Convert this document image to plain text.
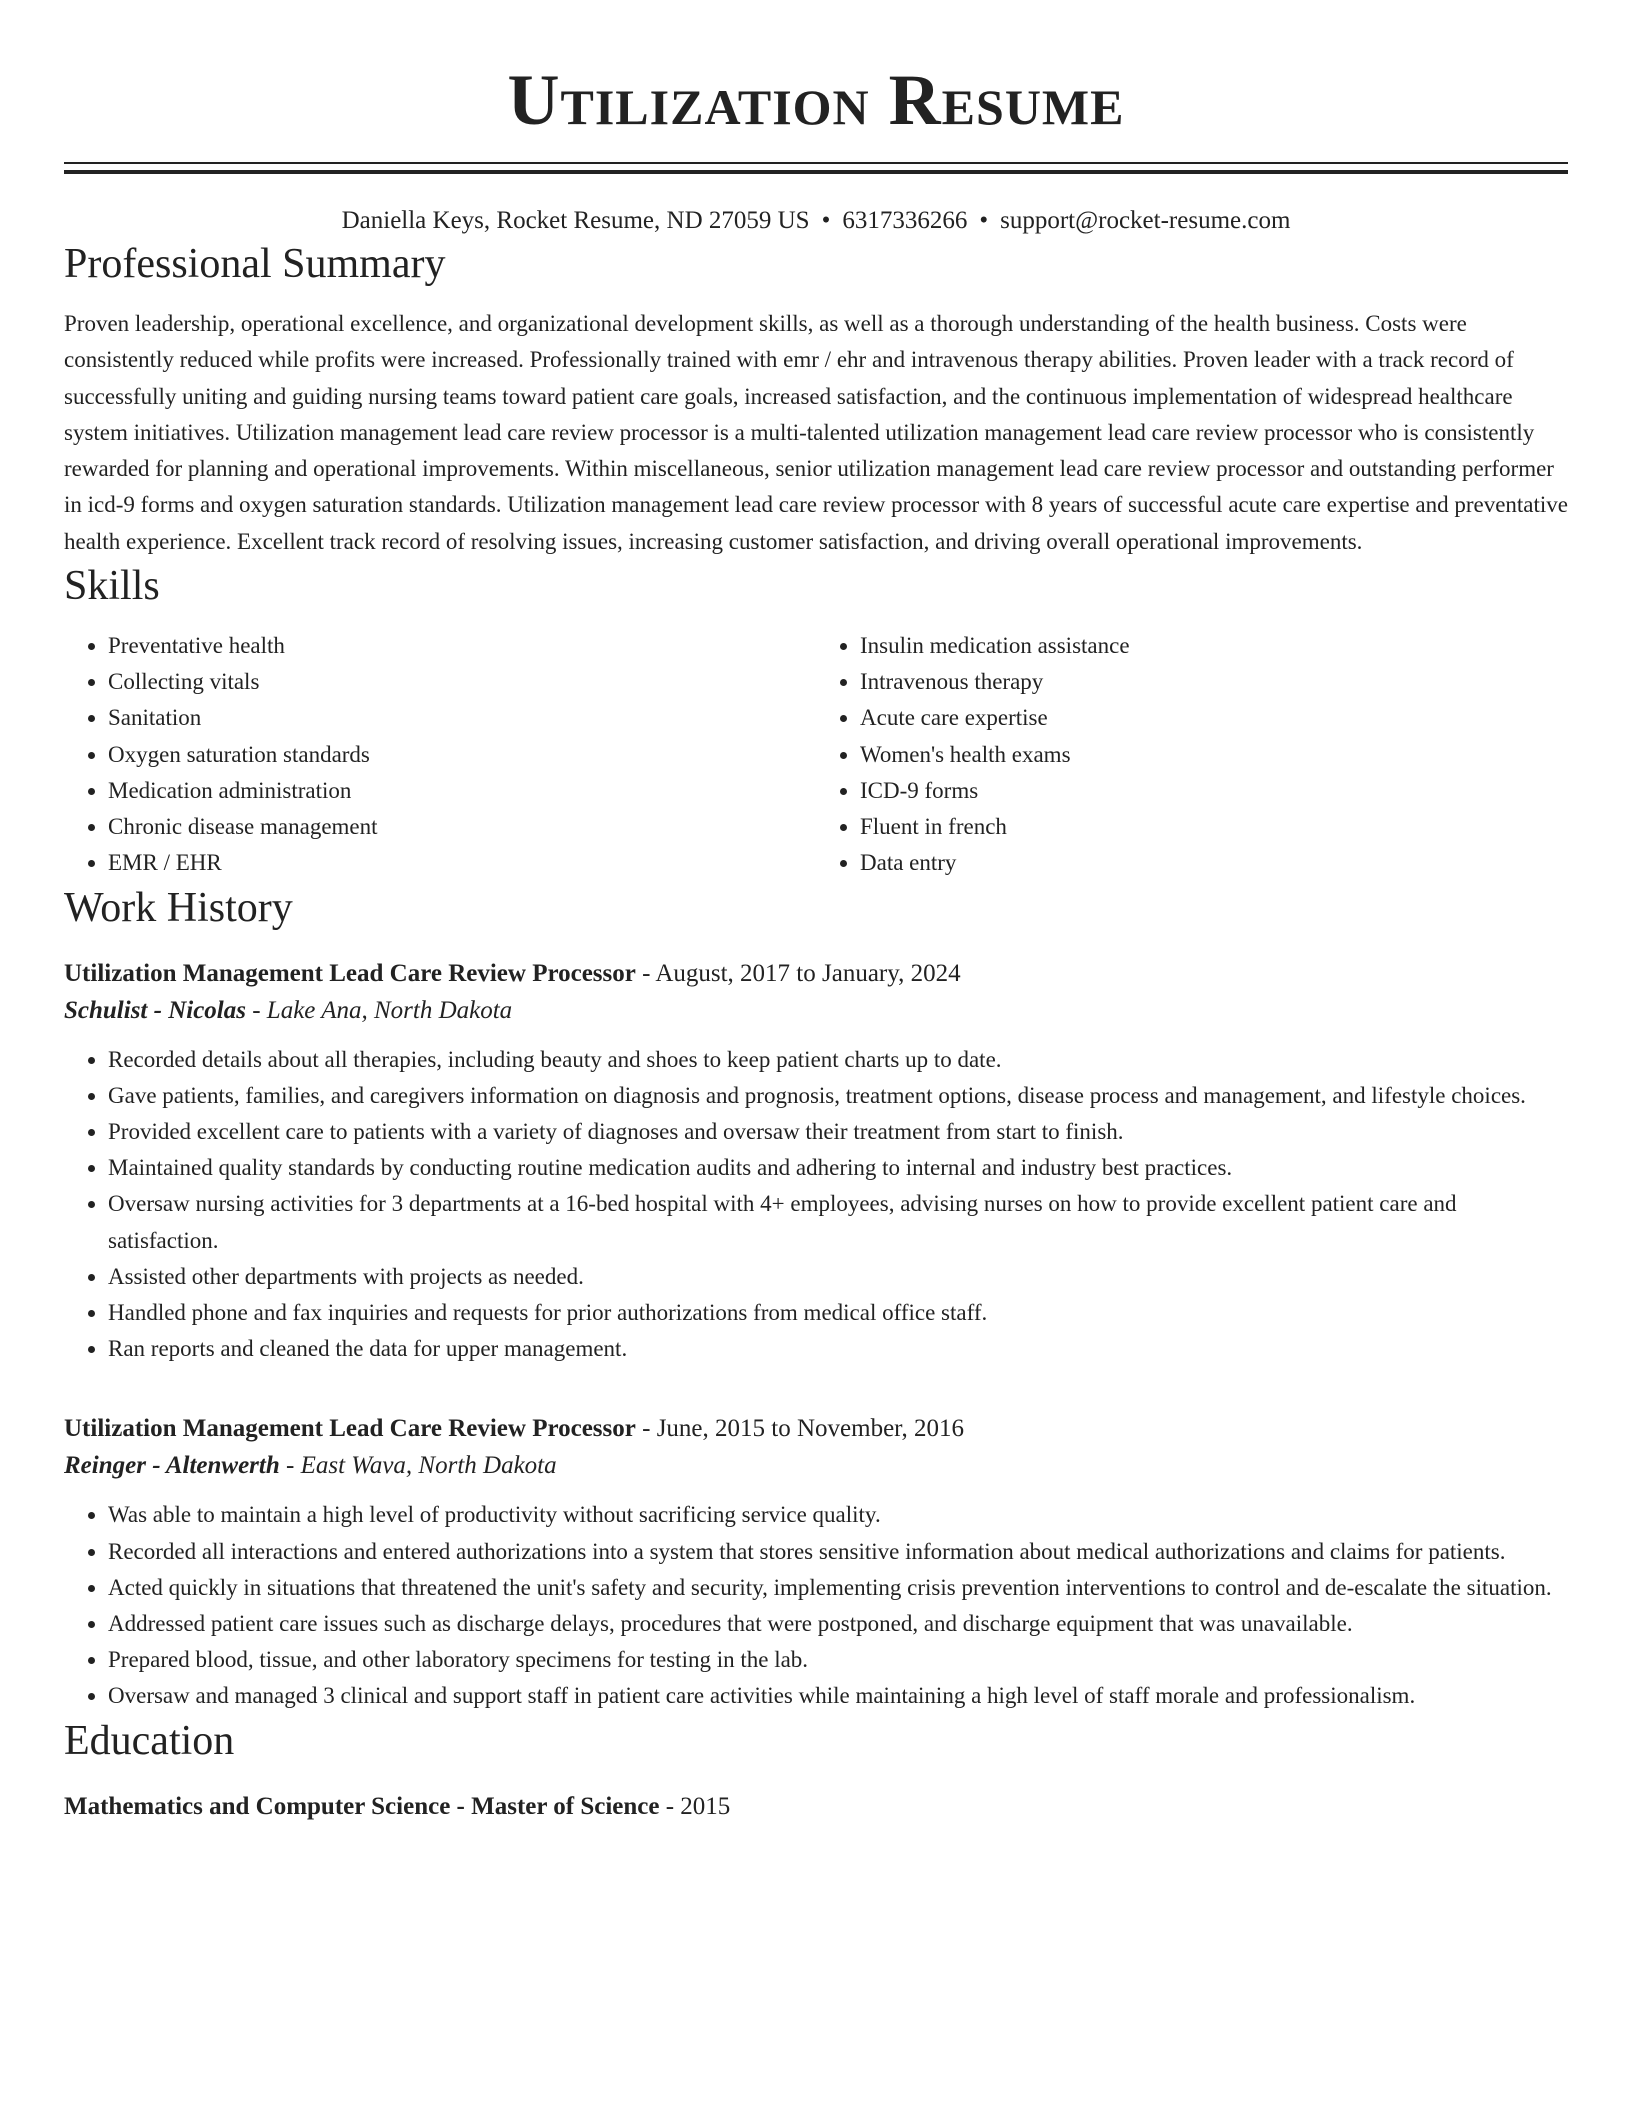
Utilization Resume
Daniella Keys, Rocket Resume, ND 27059 US • 6317336266 • support@rocket-resume.com
Professional Summary

Proven leadership, operational excellence, and organizational development skills, as well as a thorough understanding of the health business. Costs were consistently reduced while profits were increased. Professionally trained with emr / ehr and intravenous therapy abilities. Proven leader with a track record of successfully uniting and guiding nursing teams toward patient care goals, increased satisfaction, and the continuous implementation of widespread healthcare system initiatives. Utilization management lead care review processor is a multi-talented utilization management lead care review processor who is consistently rewarded for planning and operational improvements. Within miscellaneous, senior utilization management lead care review processor and outstanding performer in icd-9 forms and oxygen saturation standards. Utilization management lead care review processor with 8 years of successful acute care expertise and preventative health experience. Excellent track record of resolving issues, increasing customer satisfaction, and driving overall operational improvements.

Skills
• Preventative health
• Collecting vitals
• Sanitation
• Oxygen saturation standards
• Medication administration
• Chronic disease management
• EMR / EHR
• Insulin medication assistance
• Intravenous therapy
• Acute care expertise
• Women's health exams
• ICD-9 forms
• Fluent in french
• Data entry
Work History
Utilization Management Lead Care Review Processor - August, 2017 to January, 2024
Schulist - Nicolas - Lake Ana, North Dakota
• Recorded details about all therapies, including beauty and shoes to keep patient charts up to date.
• Gave patients, families, and caregivers information on diagnosis and prognosis, treatment options, disease process and management, and lifestyle choices.
• Provided excellent care to patients with a variety of diagnoses and oversaw their treatment from start to finish.
• Maintained quality standards by conducting routine medication audits and adhering to internal and industry best practices.
• Oversaw nursing activities for 3 departments at a 16-bed hospital with 4+ employees, advising nurses on how to provide excellent patient care and satisfaction.
• Assisted other departments with projects as needed.
• Handled phone and fax inquiries and requests for prior authorizations from medical office staff.
• Ran reports and cleaned the data for upper management.
Utilization Management Lead Care Review Processor - June, 2015 to November, 2016
Reinger - Altenwerth - East Wava, North Dakota
• Was able to maintain a high level of productivity without sacrificing service quality.
• Recorded all interactions and entered authorizations into a system that stores sensitive information about medical authorizations and claims for patients.
• Acted quickly in situations that threatened the unit's safety and security, implementing crisis prevention interventions to control and de-escalate the situation.
• Addressed patient care issues such as discharge delays, procedures that were postponed, and discharge equipment that was unavailable.
• Prepared blood, tissue, and other laboratory specimens for testing in the lab.
• Oversaw and managed 3 clinical and support staff in patient care activities while maintaining a high level of staff morale and professionalism.
Education
Mathematics and Computer Science - Master of Science - 2015
